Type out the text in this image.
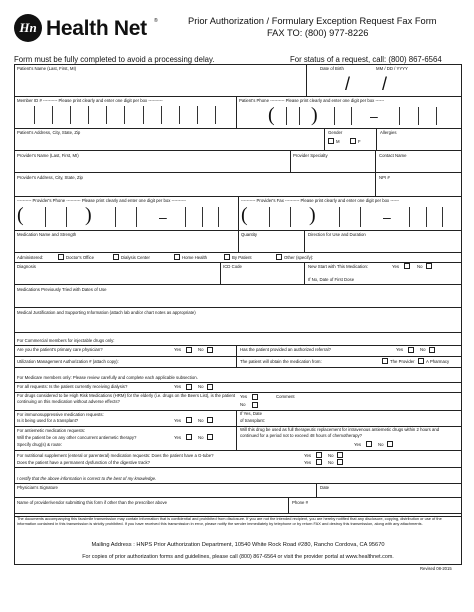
Hn Health Net ®	Prior Authorization / Formulary Exception Request Fax Form
FAX TO: (800) 977-8226
Form must be fully completed to avoid a processing delay.	For status of a request, call: (800) 867-6564
Patient's Name (Last, First, MI)	Date of Birth	MM / DD / YYYY
/ /
Member ID # ---------- Please print clearly and enter one digit per box ----------	Patient's Phone ---------- Please print clearly and enter one digit per box ------
( )	–
Patient's Address, City, State, Zip	Gender
M	F
Allergies
Provider's Name (Last, First, MI)	Provider Specialty	Contact Name
Provider's Address, City, State, Zip	NPI #
---------- Provider's Phone ---------- Please print clearly and enter one digit per box ----------
(	)	–
---------- Provider's Fax ---------- Please print clearly and enter one digit per box ------
(	)	–
Medication Name and Strength	Quantity	Direction for Use and Duration
Administered:	Doctor's Office	Dialysis Center	Home Health	By Patient	Other (specify):
Diagnosis	ICD Code	New Start with This Medication:	Yes	No
If No, Date of First Dose
Medications Previously Tried with Dates of Use
Medical Justification and Supporting Information (attach lab and/or chart notes as appropriate)
For Commercial members for injectable drugs only:
Are you the patient's primary care physician?	Yes	No	Has the patient provided an authorized referral?	Yes	No
Utilization Management Authorization # (attach copy):	The patient will obtain the medication from:	The Provider	A Pharmacy
For Medicare members only: Please review carefully and complete each applicable subsection.
For all requests: Is the patient currently receiving dialysis?	Yes	No
For drugs considered to be High Risk Medications (HRM) for the elderly (i.e. drugs on the Beers List), is the patient continuing on this medication without adverse effects?
Yes	Comment
No
For immunosuppressive medication requests:
Is it being used for a transplant?	Yes	No
If Yes, Date
of transplant:
For antiemetic medication requests:
Will the patient be on any other concurrent antiemetic therapy?	Yes	No
Specify drug(s) & route:
Will this drug be used as full therapeutic replacement for intravenous antiemetic drugs within 2 hours and continued for a period not to exceed 48 hours of chemotherapy?
Yes	No
For nutritional supplement (enteral or parenteral) medication requests: Does the patient have a G-tube?	Yes	No
Does the patient have a permanent dysfunction of the digestive track?	Yes	No
I certify that the above information is correct to the best of my knowledge.
Physician's Signature	Date
Name of provider/vendor submitting this form if other than the prescriber above	Phone #
The documents accompanying this facsimile transmission may contain information that is confidential and prohibited from disclosure. If you are not the intended recipient, you are hereby notified that any disclosure, copying, distribution or use of the information contained in this transmission is strictly prohibited. If you have received this transmission in error, please notify the sender immediately by telephone or by return FAX and destroy this transmission, along with any attachments.
Mailing Address : HNPS Prior Authorization Department, 10540 White Rock Road #280, Rancho Cordova, CA 95670
For copies of prior authorization forms and guidelines, please call (800) 867-6564 or visit the provider portal at www.healthnet.com.
Revised 08-2015
